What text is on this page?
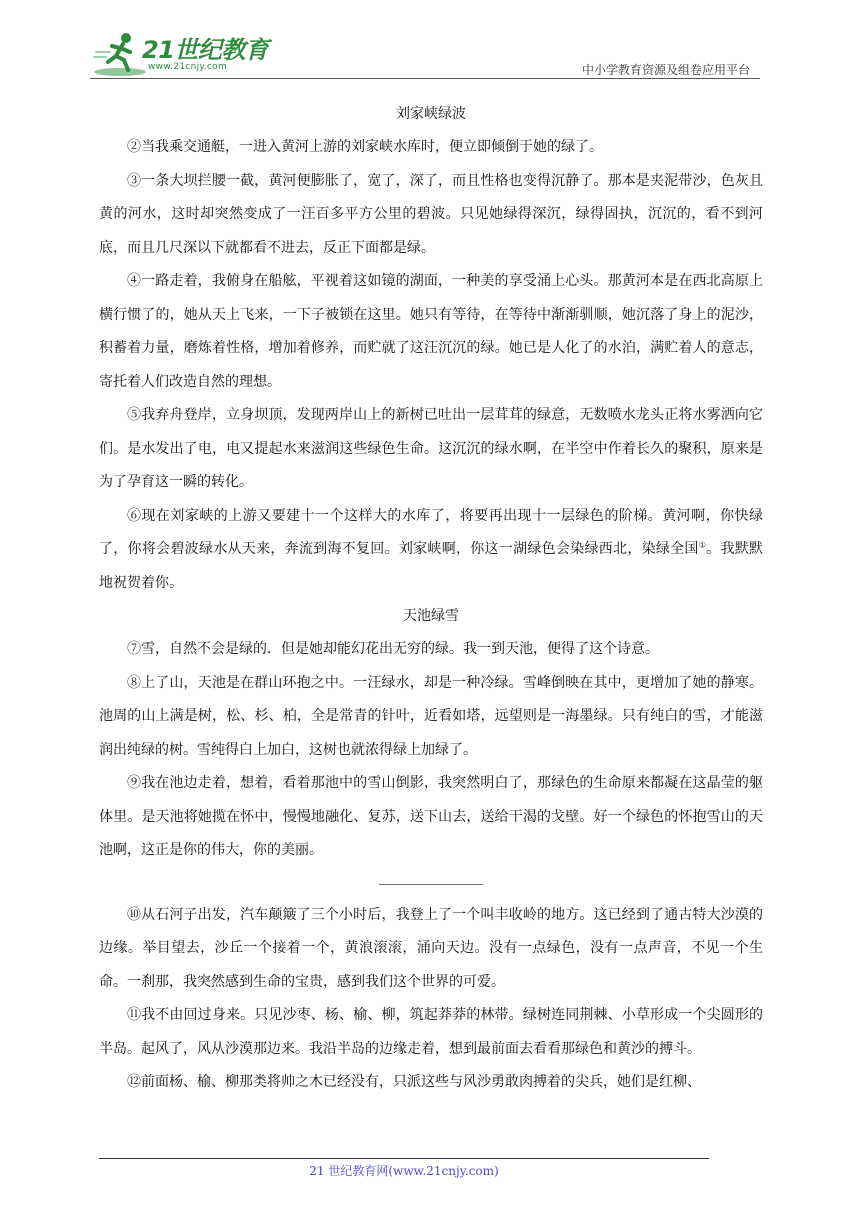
21世纪教育
www.21cnjy.com	中小学教育资源及组卷应用平台

刘家峡绿波

②当我乘交通艇，一进入黄河上游的刘家峡水库时，便立即倾倒于她的绿了。

③一条大坝拦腰一截，黄河便膨胀了，宽了，深了，而且性格也变得沉静了。那本是夹泥带沙，色灰且黄的河水，这时却突然变成了一汪百多平方公里的碧波。只见她绿得深沉，绿得固执，沉沉的，看不到河底，而且几尺深以下就都看不进去，反正下面都是绿。

④一路走着，我俯身在船舷，平视着这如镜的湖面，一种美的享受涌上心头。那黄河本是在西北高原上横行惯了的，她从天上飞来，一下子被锁在这里。她只有等待，在等待中渐渐驯顺，她沉落了身上的泥沙，积蓄着力量，磨炼着性格，增加着修养，而贮就了这汪沉沉的绿。她已是人化了的水泊，满贮着人的意志，寄托着人们改造自然的理想。

⑤我弃舟登岸，立身坝顶，发现两岸山上的新树已吐出一层茸茸的绿意，无数喷水龙头正将水雾洒向它们。是水发出了电，电又提起水来滋润这些绿色生命。这沉沉的绿水啊，在半空中作着长久的聚积，原来是为了孕育这一瞬的转化。

⑥现在刘家峡的上游又要建十一个这样大的水库了，将要再出现十一层绿色的阶梯。黄河啊，你快绿了，你将会碧波绿水从天来，奔流到海不复回。刘家峡啊，你这一湖绿色会染绿西北，染绿全国①。我默默地祝贺着你。

天池绿雪

⑦雪，自然不会是绿的．但是她却能幻花出无穷的绿。我一到天池，便得了这个诗意。

⑧上了山，天池是在群山环抱之中。一汪绿水，却是一种冷绿。雪峰倒映在其中，更增加了她的静寒。池周的山上满是树，松、杉、柏，全是常青的针叶，近看如塔，远望则是一海墨绿。只有纯白的雪，才能滋润出纯绿的树。雪纯得白上加白，这树也就浓得绿上加绿了。

⑨我在池边走着，想着，看着那池中的雪山倒影，我突然明白了，那绿色的生命原来都凝在这晶莹的躯体里。是天池将她揽在怀中，慢慢地融化、复苏，送下山去，送给干渴的戈壁。好一个绿色的怀抱雪山的天池啊，这正是你的伟大，你的美丽。

⑩从石河子出发，汽车颠簸了三个小时后，我登上了一个叫丰收岭的地方。这已经到了通古特大沙漠的边缘。举目望去，沙丘一个接着一个，黄浪滚滚，涌向天边。没有一点绿色，没有一点声音，不见一个生命。一刹那，我突然感到生命的宝贵，感到我们这个世界的可爱。

⑪我不由回过身来。只见沙枣、杨、榆、柳，筑起莽莽的林带。绿树连同荆棘、小草形成一个尖圆形的半岛。起风了，风从沙漠那边来。我沿半岛的边缘走着，想到最前面去看看那绿色和黄沙的搏斗。

⑫前面杨、榆、柳那类将帅之木已经没有，只派这些与风沙勇敢肉搏着的尖兵，她们是红柳、

21 世纪教育网(www.21cnjy.com)
